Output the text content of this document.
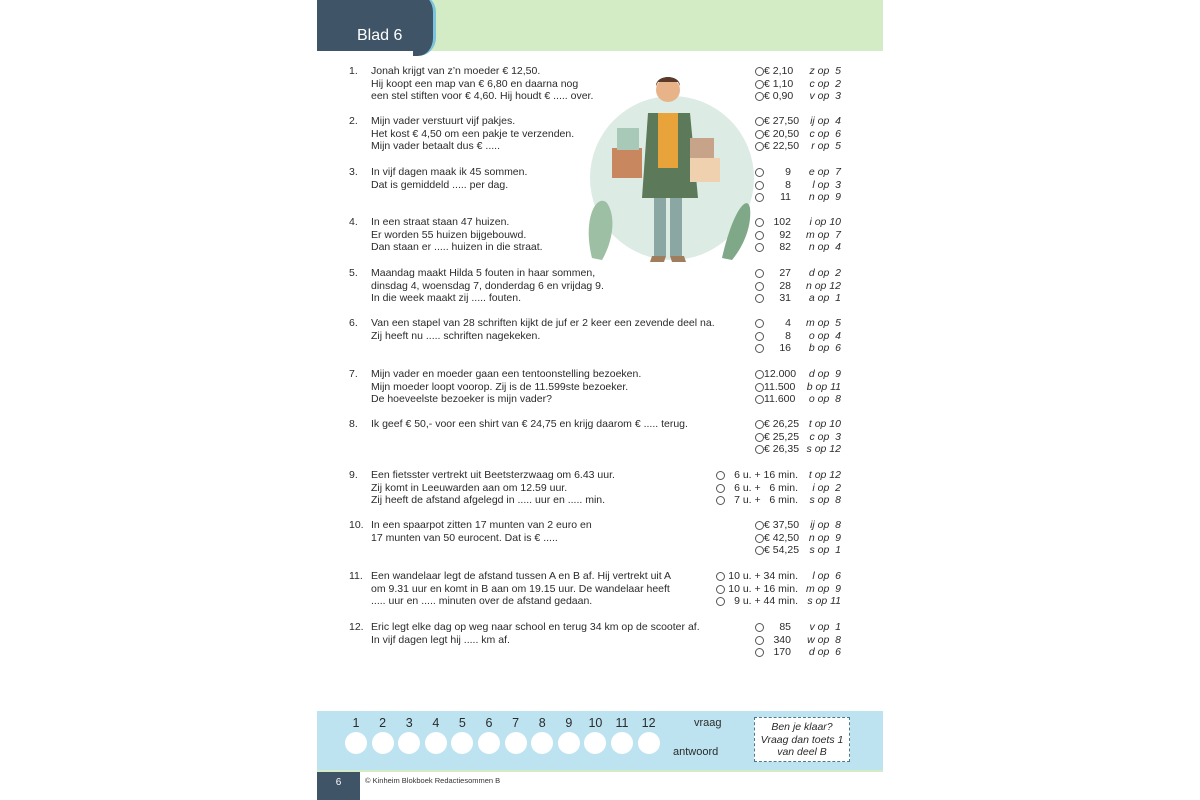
Blad 6
1.	Jonah krijgt van z’n moeder € 12,50.
Hij koopt een map van € 6,80 en daarna nog
een stel stiften voor € 4,60. Hij houdt € ..... over.
€ 2,10	z op  5
€ 1,10	c op  2
€ 0,90	v op  3
2.	Mijn vader verstuurt vijf pakjes.
Het kost € 4,50 om een pakje te verzenden.
Mijn vader betaalt dus € .....
€ 27,50	ij op  4
€ 20,50 c op  6
€ 22,50	r op  5
3.	In vijf dagen maak ik 45 sommen.
Dat is gemiddeld ..... per dag.
9	e op  7
8	l op  3
11	n op  9
4.	In een straat staan 47 huizen.
Er worden 55 huizen bijgebouwd.
Dan staan er ..... huizen in die straat.
102	i op 10
92	m op  7
82	n op  4
5.	Maandag maakt Hilda 5 fouten in haar sommen,
dinsdag 4, woensdag 7, donderdag 6 en vrijdag 9.
In die week maakt zij ..... fouten.
27	d op  2
28	n op 12
31	a op  1
6.	Van een stapel van 28 schriften kijkt de juf er 2 keer een zevende deel na.
Zij heeft nu ..... schriften nagekeken.
4	m op  5
8	o op  4
16	b op  6
7.	Mijn vader en moeder gaan een tentoonstelling bezoeken.
Mijn moeder loopt voorop. Zij is de 11.599ste bezoeker.
De hoeveelste bezoeker is mijn vader?
12.000	d op  9
11.500	b op 11
11.600	o op  8
8.	Ik geef € 50,- voor een shirt van € 24,75 en krijg daarom € ..... terug.	€ 26,25 t op 10
€ 25,25 c op  3
€ 26,35 s op 12
9.	Een fietsster vertrekt uit Beetsterzwaag om 6.43 uur.
Zij komt in Leeuwarden aan om 12.59 uur.
Zij heeft de afstand afgelegd in ..... uur en ..... min.
6 u. + 16 min.	t op 12
6 u. +   6 min.	i op  2
7 u. +   6 min.	s op  8
10. In een spaarpot zitten 17 munten van 2 euro en
17 munten van 50 eurocent. Dat is € .....
€ 37,50	ij op  8
€ 42,50 n op  9
€ 54,25 s op  1
11. Een wandelaar legt de afstand tussen A en B af. Hij vertrekt uit A
om 9.31 uur en komt in B aan om 19.15 uur. De wandelaar heeft
..... uur en ..... minuten over de afstand gedaan.
10 u. + 34 min.	l op  6
10 u. + 16 min. m op  9
9 u. + 44 min. s op 11
12. Eric legt elke dag op weg naar school en terug 34 km op de scooter af.
In vijf dagen legt hij ..... km af.
85	v op  1
340	w op  8
170	d op  6
1	2	3	4	5	6	7	8	9	10	11	12	vraag
antwoord
Ben je klaar?
Vraag dan toets 1
van deel B
6	© Kinheim Blokboek Redactiesommen B
